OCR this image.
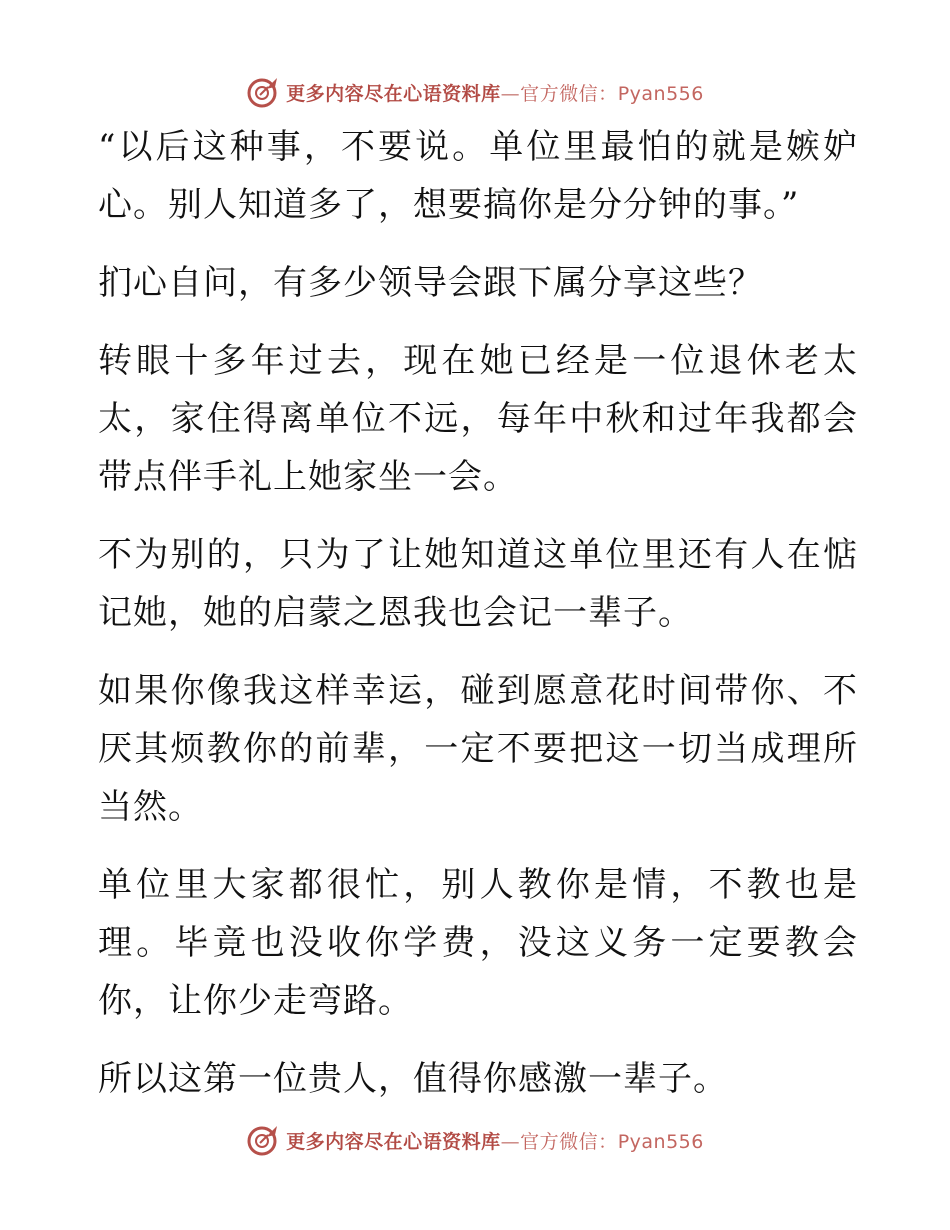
更多内容尽在心语资料库—官方微信：Pyan556

“以后这种事，不要说。单位里最怕的就是嫉妒心。别人知道多了，想要搞你是分分钟的事。”

扪心自问，有多少领导会跟下属分享这些？

转眼十多年过去，现在她已经是一位退休老太太，家住得离单位不远，每年中秋和过年我都会带点伴手礼上她家坐一会。

不为别的，只为了让她知道这单位里还有人在惦记她，她的启蒙之恩我也会记一辈子。

如果你像我这样幸运，碰到愿意花时间带你、不厌其烦教你的前辈，一定不要把这一切当成理所当然。

单位里大家都很忙，别人教你是情，不教也是理。毕竟也没收你学费，没这义务一定要教会你，让你少走弯路。

所以这第一位贵人，值得你感激一辈子。

更多内容尽在心语资料库—官方微信：Pyan556
